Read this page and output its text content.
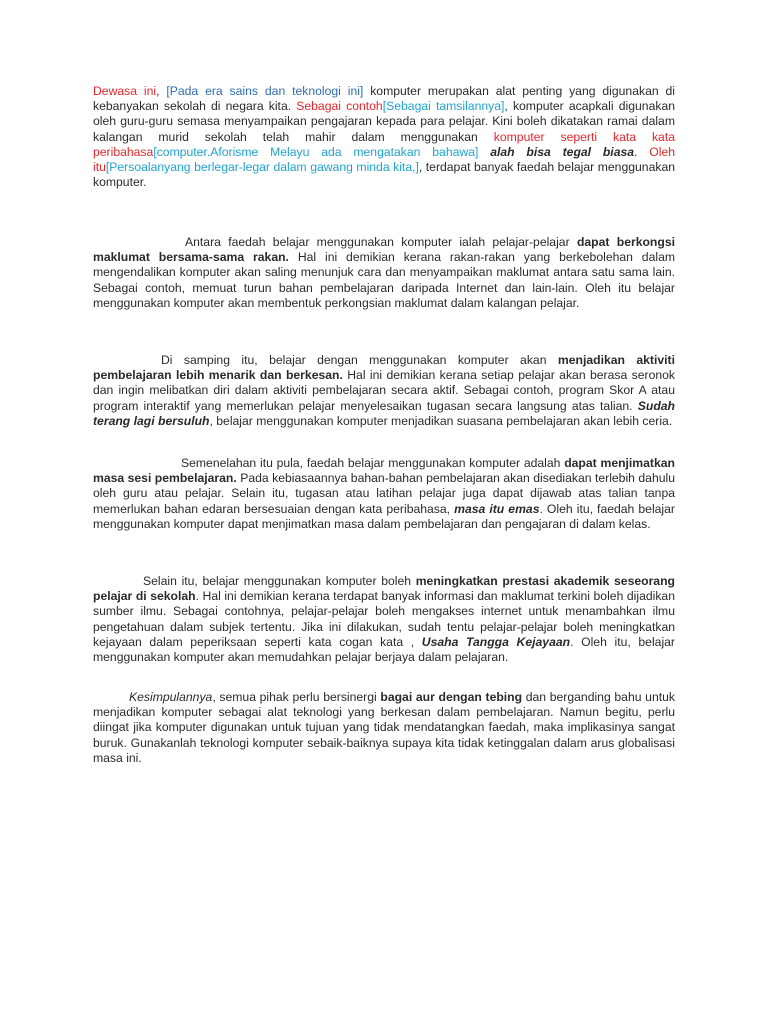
Dewasa ini, [Pada era sains dan teknologi ini] komputer merupakan alat penting yang digunakan di kebanyakan sekolah di negara kita. Sebagai contoh[Sebagai tamsilannya], komputer acapkali digunakan oleh guru-guru semasa menyampaikan pengajaran kepada para pelajar. Kini boleh dikatakan ramai dalam kalangan murid sekolah telah mahir dalam menggunakan komputer seperti kata kata peribahasa[computer.Aforisme Melayu ada mengatakan bahawa] alah bisa tegal biasa. Oleh itu[Persoalanyang berlegar-legar dalam gawang minda kita,], terdapat banyak faedah belajar menggunakan komputer.

Antara faedah belajar menggunakan komputer ialah pelajar-pelajar dapat berkongsi maklumat bersama-sama rakan. Hal ini demikian kerana rakan-rakan yang berkebolehan dalam mengendalikan komputer akan saling menunjuk cara dan menyampaikan maklumat antara satu sama lain. Sebagai contoh, memuat turun bahan pembelajaran daripada Internet dan lain-lain. Oleh itu belajar menggunakan komputer akan membentuk perkongsian maklumat dalam kalangan pelajar.

Di samping itu, belajar dengan menggunakan komputer akan menjadikan aktiviti pembelajaran lebih menarik dan berkesan. Hal ini demikian kerana setiap pelajar akan berasa seronok dan ingin melibatkan diri dalam aktiviti pembelajaran secara aktif. Sebagai contoh, program Skor A atau program interaktif yang memerlukan pelajar menyelesaikan tugasan secara langsung atas talian. Sudah terang lagi bersuluh, belajar menggunakan komputer menjadikan suasana pembelajaran akan lebih ceria.

Semenelahan itu pula, faedah belajar menggunakan komputer adalah dapat menjimatkan masa sesi pembelajaran. Pada kebiasaannya bahan-bahan pembelajaran akan disediakan terlebih dahulu oleh guru atau pelajar. Selain itu, tugasan atau latihan pelajar juga dapat dijawab atas talian tanpa memerlukan bahan edaran bersesuaian dengan kata peribahasa, masa itu emas. Oleh itu, faedah belajar menggunakan komputer dapat menjimatkan masa dalam pembelajaran dan pengajaran di dalam kelas.

Selain itu, belajar menggunakan komputer boleh meningkatkan prestasi akademik seseorang pelajar di sekolah. Hal ini demikian kerana terdapat banyak informasi dan maklumat terkini boleh dijadikan sumber ilmu. Sebagai contohnya, pelajar-pelajar boleh mengakses internet untuk menambahkan ilmu pengetahuan dalam subjek tertentu. Jika ini dilakukan, sudah tentu pelajar-pelajar boleh meningkatkan kejayaan dalam peperiksaan seperti kata cogan kata , Usaha Tangga Kejayaan. Oleh itu, belajar menggunakan komputer akan memudahkan pelajar berjaya dalam pelajaran.

Kesimpulannya, semua pihak perlu bersinergi bagai aur dengan tebing dan berganding bahu untuk menjadikan komputer sebagai alat teknologi yang berkesan dalam pembelajaran. Namun begitu, perlu diingat jika komputer digunakan untuk tujuan yang tidak mendatangkan faedah, maka implikasinya sangat buruk. Gunakanlah teknologi komputer sebaik-baiknya supaya kita tidak ketinggalan dalam arus globalisasi masa ini.
